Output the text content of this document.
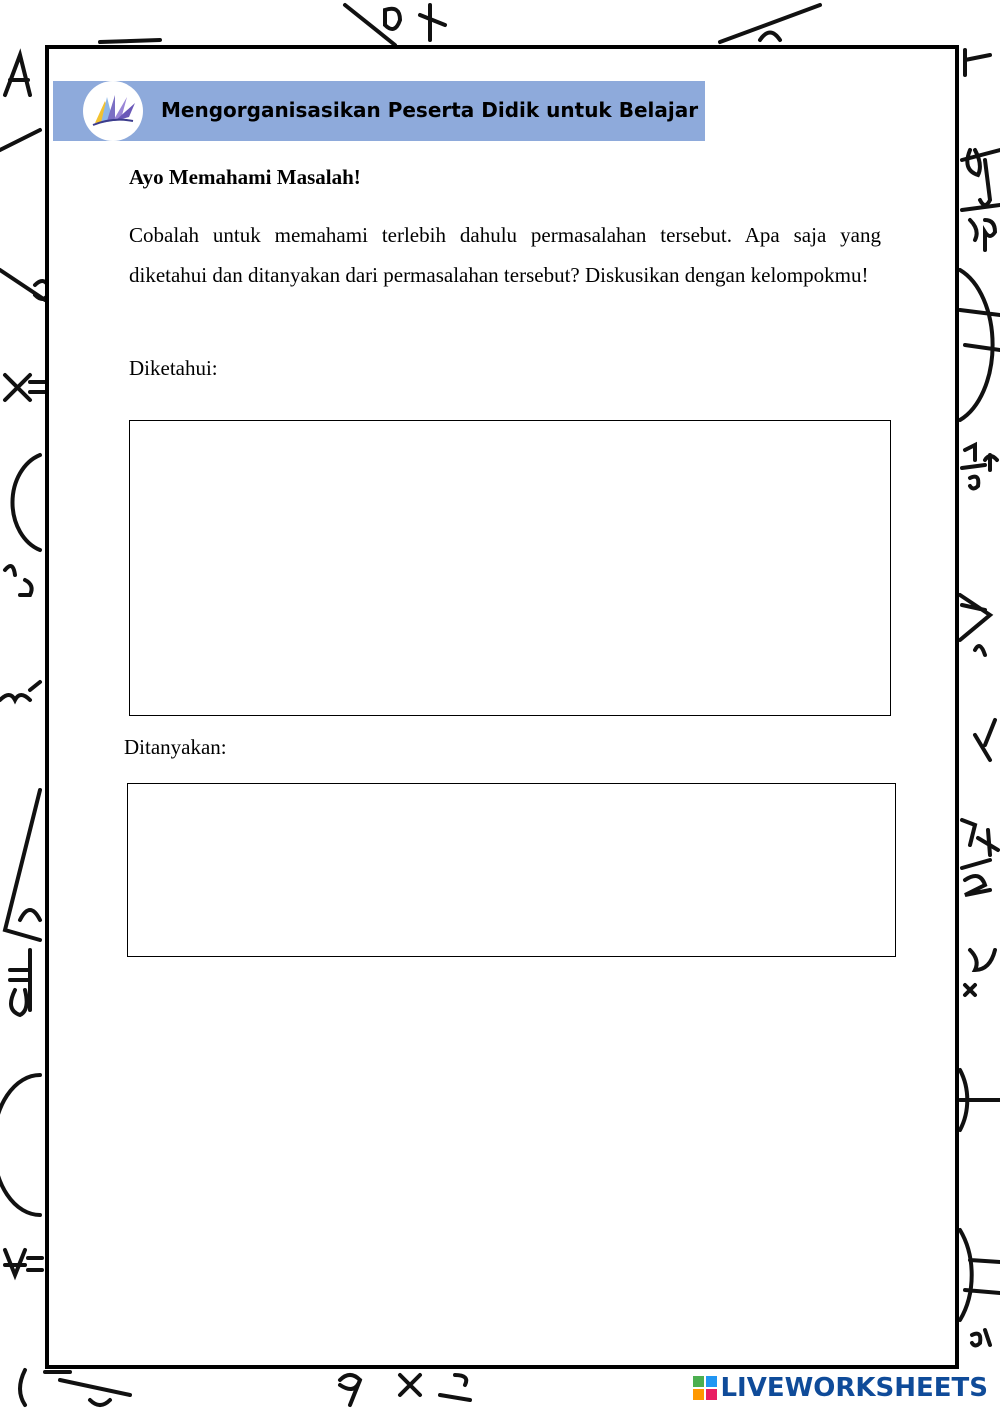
Mengorganisasikan Peserta Didik untuk Belajar
Ayo Memahami Masalah!

Cobalah untuk memahami terlebih dahulu permasalahan tersebut. Apa saja yang diketahui dan ditanyakan dari permasalahan tersebut? Diskusikan dengan kelompokmu!

Diketahui:
Ditanyakan:
LIVEWORKSHEETS
